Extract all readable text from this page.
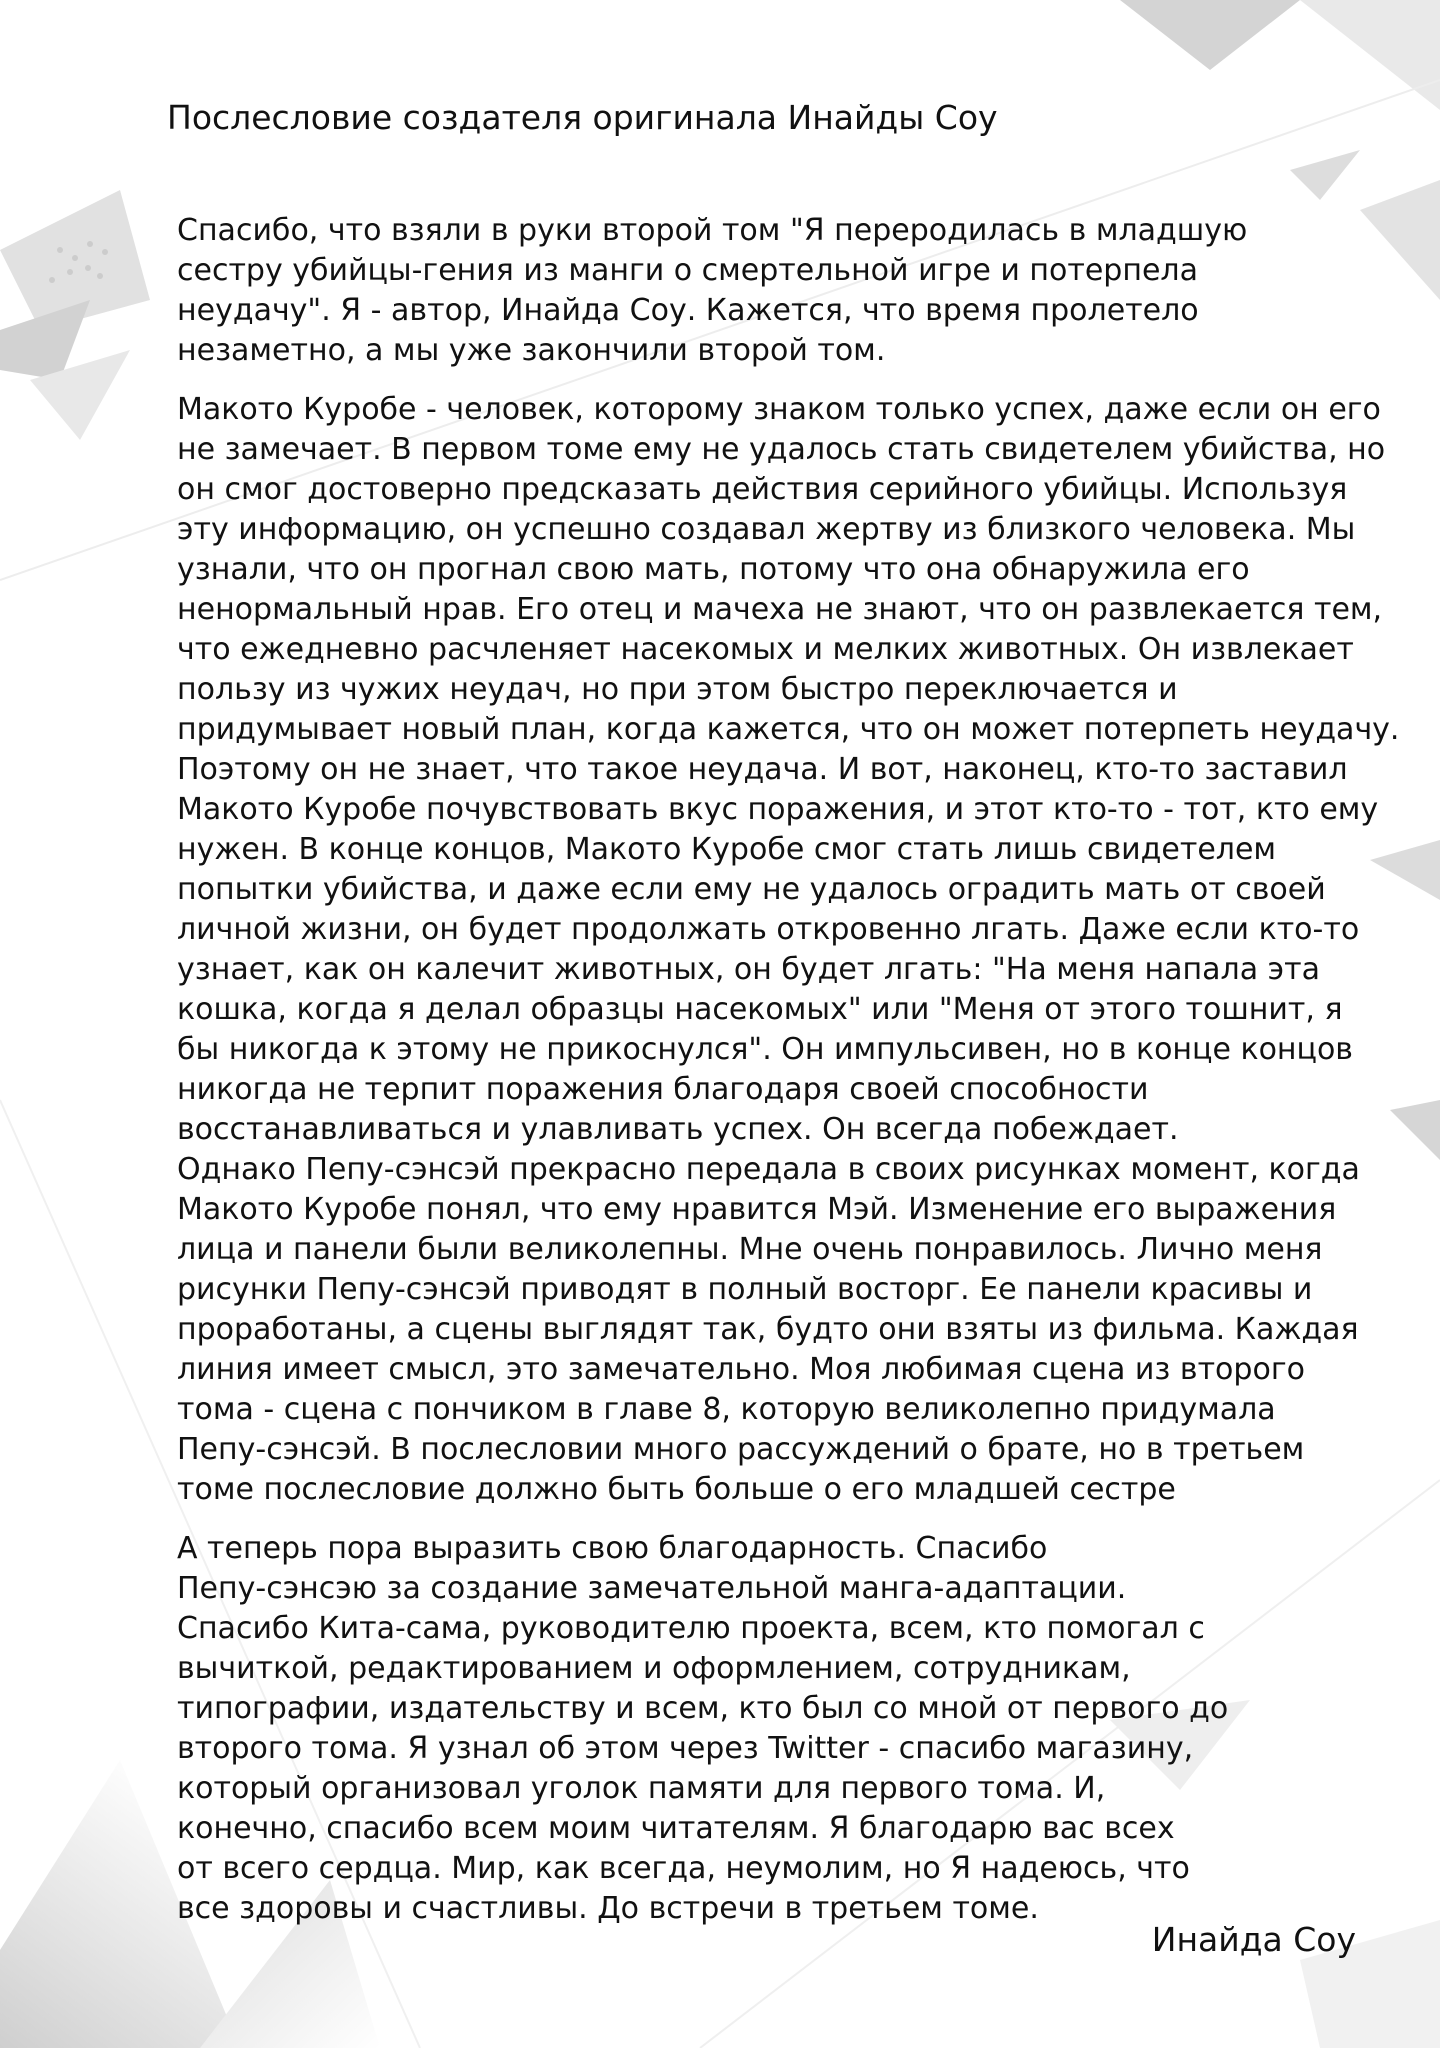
Послесловие создателя оригинала Инайды Соу

Спасибо, что взяли в руки второй том "Я переродилась в младшую
сестру убийцы-гения из манги о смертельной игре и потерпела
неудачу". Я - автор, Инайда Соу. Кажется, что время пролетело
незаметно, а мы уже закончили второй том.

Макото Куробе - человек, которому знаком только успех, даже если он его
не замечает. В первом томе ему не удалось стать свидетелем убийства, но
он смог достоверно предсказать действия серийного убийцы. Используя
эту информацию, он успешно создавал жертву из близкого человека. Мы
узнали, что он прогнал свою мать, потому что она обнаружила его
ненормальный нрав. Его отец и мачеха не знают, что он развлекается тем,
что ежедневно расчленяет насекомых и мелких животных. Он извлекает
пользу из чужих неудач, но при этом быстро переключается и
придумывает новый план, когда кажется, что он может потерпеть неудачу.
Поэтому он не знает, что такое неудача. И вот, наконец, кто-то заставил
Макото Куробе почувствовать вкус поражения, и этот кто-то - тот, кто ему
нужен. В конце концов, Макото Куробе смог стать лишь свидетелем
попытки убийства, и даже если ему не удалось оградить мать от своей
личной жизни, он будет продолжать откровенно лгать. Даже если кто-то
узнает, как он калечит животных, он будет лгать: "На меня напала эта
кошка, когда я делал образцы насекомых" или "Меня от этого тошнит, я
бы никогда к этому не прикоснулся". Он импульсивен, но в конце концов
никогда не терпит поражения благодаря своей способности
восстанавливаться и улавливать успех. Он всегда побеждает.

Однако Пепу-сэнсэй прекрасно передала в своих рисунках момент, когда
Макото Куробе понял, что ему нравится Мэй. Изменение его выражения
лица и панели были великолепны. Мне очень понравилось. Лично меня
рисунки Пепу-сэнсэй приводят в полный восторг. Ее панели красивы и
проработаны, а сцены выглядят так, будто они взяты из фильма. Каждая
линия имеет смысл, это замечательно. Моя любимая сцена из второго
тома - сцена с пончиком в главе 8, которую великолепно придумала
Пепу-сэнсэй. В послесловии много рассуждений о брате, но в третьем
томе послесловие должно быть больше о его младшей сестре

А теперь пора выразить свою благодарность. Спасибо
Пепу-сэнсэю за создание замечательной манга-адаптации.
Спасибо Кита-сама, руководителю проекта, всем, кто помогал с
вычиткой, редактированием и оформлением, сотрудникам,
типографии, издательству и всем, кто был со мной от первого до
второго тома. Я узнал об этом через Twitter - спасибо магазину,
который организовал уголок памяти для первого тома. И,
конечно, спасибо всем моим читателям. Я благодарю вас всех
от всего сердца. Мир, как всегда, неумолим, но Я надеюсь, что
все здоровы и счастливы. До встречи в третьем томе.

Инайда Соу
